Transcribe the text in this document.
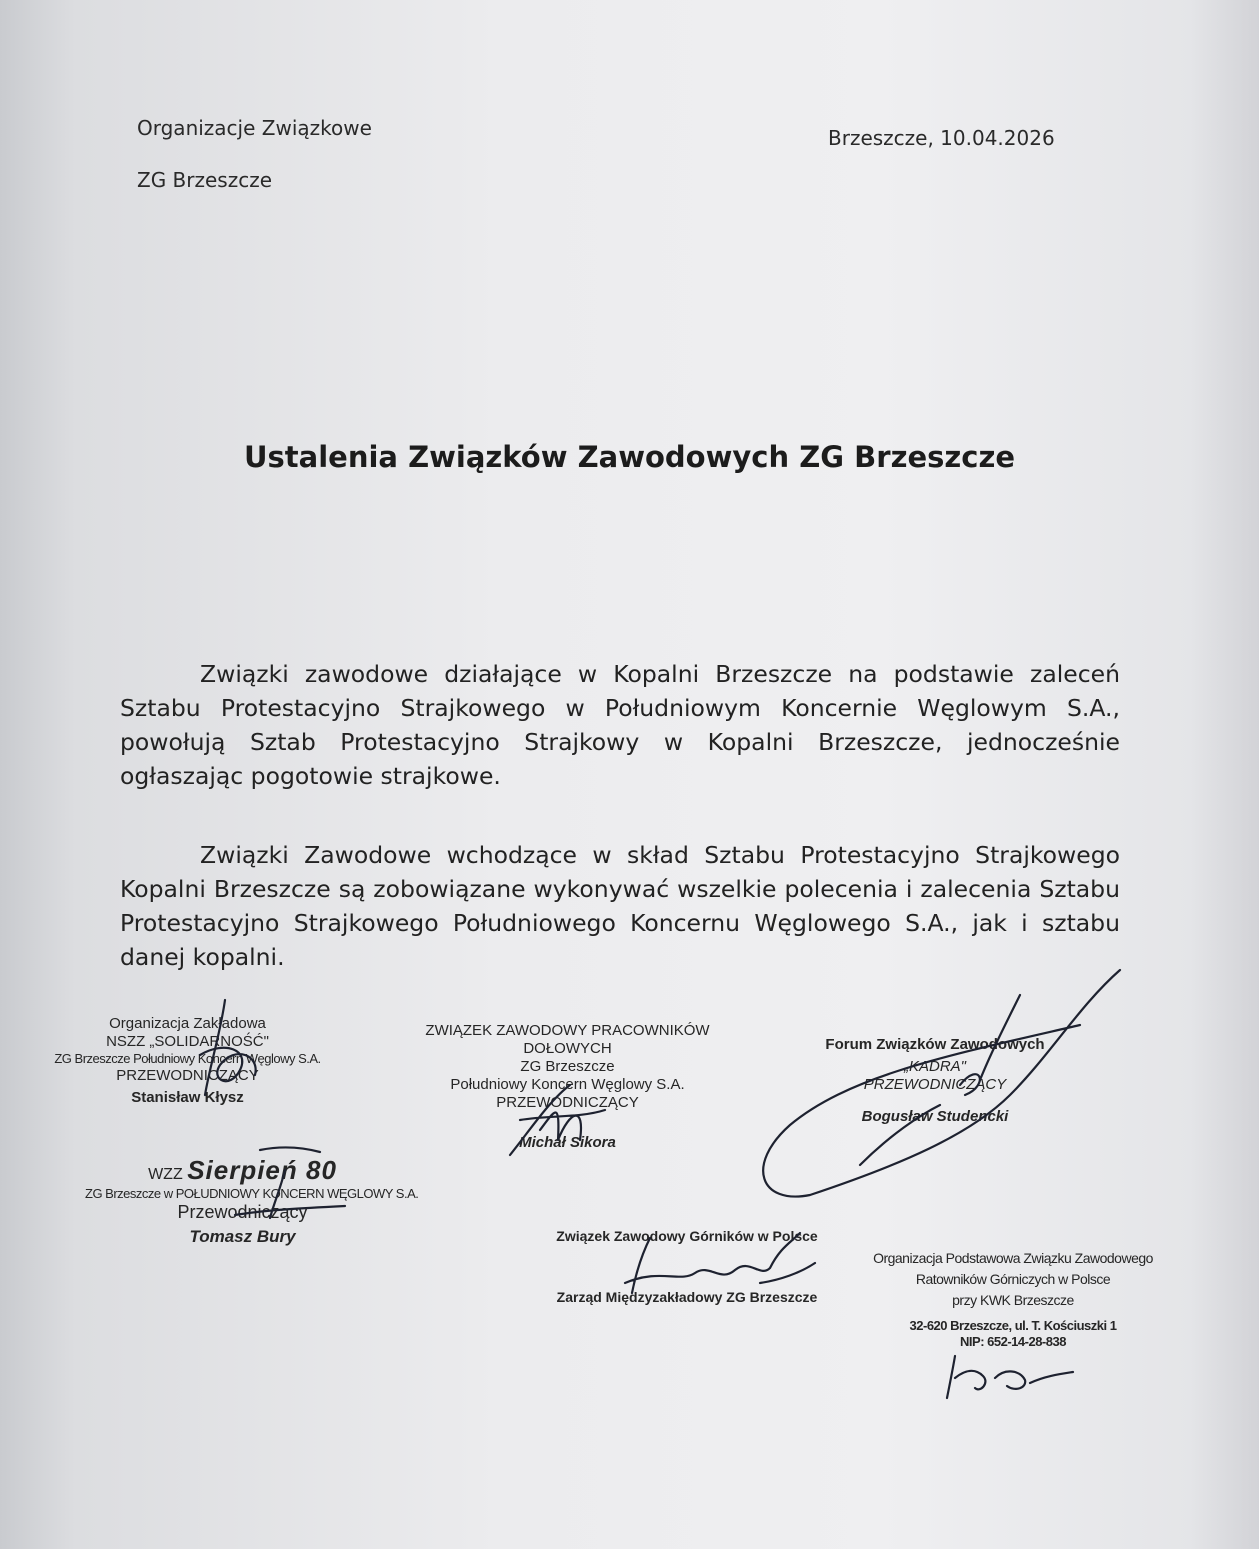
Organizacje Związkowe
ZG Brzeszcze
Brzeszcze, 10.04.2026
Ustalenia Związków Zawodowych ZG Brzeszcze
Związki zawodowe działające w Kopalni Brzeszcze na podstawie zaleceń Sztabu Protestacyjno Strajkowego w Południowym Koncernie Węglowym S.A., powołują Sztab Protestacyjno Strajkowy w Kopalni Brzeszcze, jednocześnie ogłaszając pogotowie strajkowe.
Związki Zawodowe wchodzące w skład Sztabu Protestacyjno Strajkowego Kopalni Brzeszcze są zobowiązane wykonywać wszelkie polecenia i zalecenia Sztabu Protestacyjno Strajkowego Południowego Koncernu Węglowego S.A., jak i sztabu danej kopalni.
Organizacja Zakładowa
NSZZ „SOLIDARNOŚĆ"
ZG Brzeszcze Południowy Koncern Węglowy S.A.
PRZEWODNICZĄCY
Stanisław Kłysz
ZWIĄZEK ZAWODOWY PRACOWNIKÓW
DOŁOWYCH
ZG Brzeszcze
Południowy Koncern Węglowy S.A.
PRZEWODNICZĄCY
Michał Sikora
Forum Związków Zawodowych
„KADRA"
PRZEWODNICZĄCY
Bogusław Studencki
WZZ Sierpień 80
ZG Brzeszcze w POŁUDNIOWY KONCERN WĘGLOWY S.A.
Przewodniczący
Tomasz Bury	Związek Zawodowy Górników w Polsce
Zarząd Międzyzakładowy ZG Brzeszcze
Organizacja Podstawowa Związku Zawodowego
Ratowników Górniczych w Polsce
przy KWK Brzeszcze
32-620 Brzeszcze, ul. T. Kościuszki 1
NIP: 652-14-28-838
